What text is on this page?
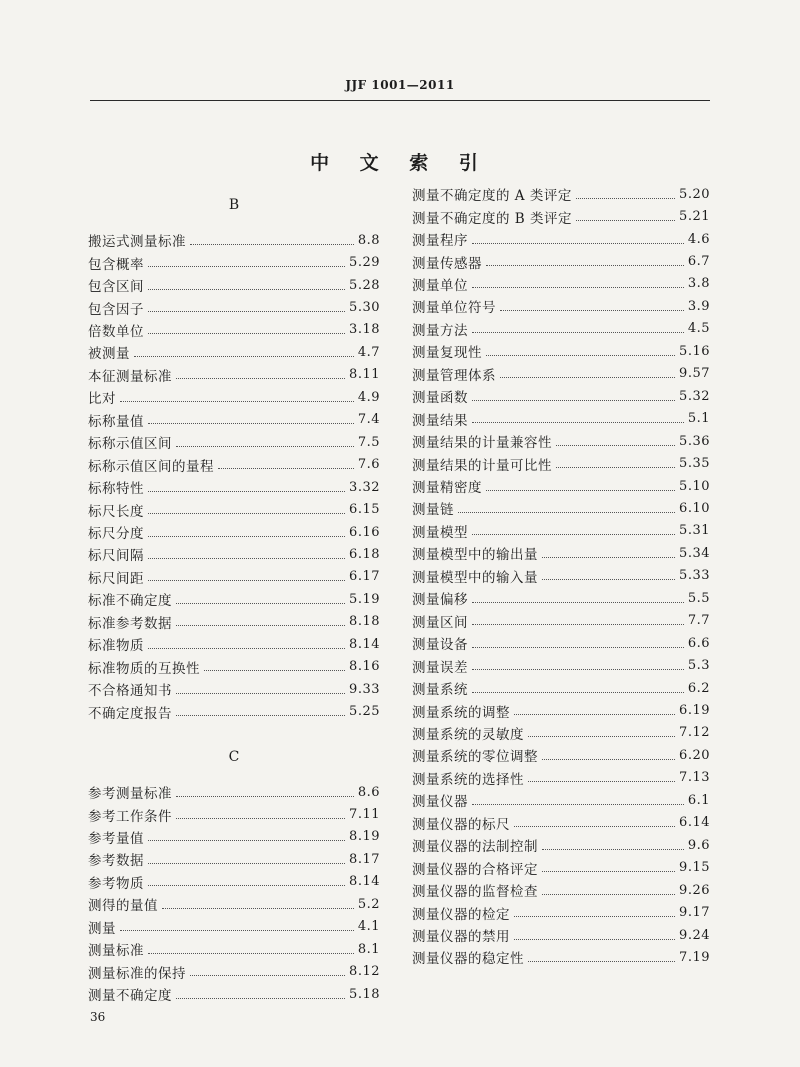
JJF 1001—2011
中 文 索 引
B
搬运式测量标准	8.8
包含概率	5.29
包含区间	5.28
包含因子	5.30
倍数单位	3.18
被测量	4.7
本征测量标准	8.11
比对	4.9
标称量值	7.4
标称示值区间	7.5
标称示值区间的量程	7.6
标称特性	3.32
标尺长度	6.15
标尺分度	6.16
标尺间隔	6.18
标尺间距	6.17
标准不确定度	5.19
标准参考数据	8.18
标准物质	8.14
标准物质的互换性	8.16
不合格通知书	9.33
不确定度报告	5.25
C
参考测量标准	8.6
参考工作条件	7.11
参考量值	8.19
参考数据	8.17
参考物质	8.14
测得的量值	5.2
测量	4.1
测量标准	8.1
测量标准的保持	8.12
测量不确定度	5.18
测量不确定度的 A 类评定	5.20
测量不确定度的 B 类评定	5.21
测量程序	4.6
测量传感器	6.7
测量单位	3.8
测量单位符号	3.9
测量方法	4.5
测量复现性	5.16
测量管理体系	9.57
测量函数	5.32
测量结果	5.1
测量结果的计量兼容性	5.36
测量结果的计量可比性	5.35
测量精密度	5.10
测量链	6.10
测量模型	5.31
测量模型中的输出量	5.34
测量模型中的输入量	5.33
测量偏移	5.5
测量区间	7.7
测量设备	6.6
测量误差	5.3
测量系统	6.2
测量系统的调整	6.19
测量系统的灵敏度	7.12
测量系统的零位调整	6.20
测量系统的选择性	7.13
测量仪器	6.1
测量仪器的标尺	6.14
测量仪器的法制控制	9.6
测量仪器的合格评定	9.15
测量仪器的监督检查	9.26
测量仪器的检定	9.17
测量仪器的禁用	9.24
测量仪器的稳定性	7.19
36
